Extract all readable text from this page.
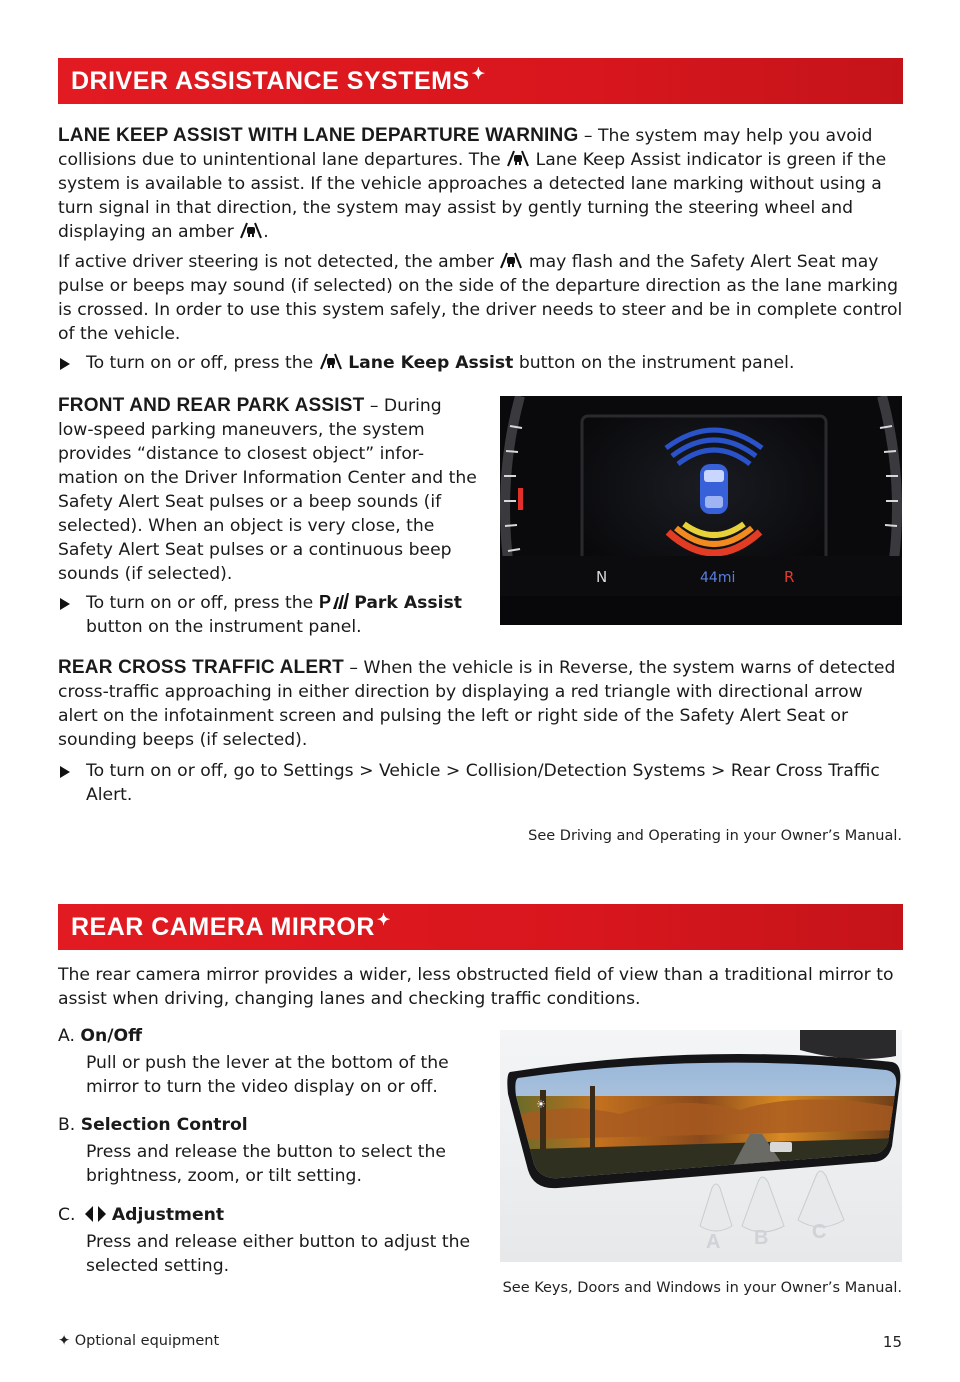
DRIVER ASSISTANCE SYSTEMS ✦
LANE KEEP ASSIST WITH LANE DEPARTURE WARNING – The system may help you avoid collisions due to unintentional lane departures. The  Lane Keep Assist indicator is green if the system is available to assist. If the vehicle approaches a detected lane marking without using a turn signal in that direction, the system may assist by gently turning the steering wheel and displaying an amber .
If active driver steering is not detected, the amber  may flash and the Safety Alert Seat may pulse or beeps may sound (if selected) on the side of the departure direction as the lane marking is crossed. In order to use this system safely, the driver needs to steer and be in complete control of the vehicle.
To turn on or off, press the  Lane Keep Assist button on the instrument panel.
FRONT AND REAR PARK ASSIST – During low-speed parking maneuvers, the system provides “distance to closest object” infor-mation on the Driver Information Center and the Safety Alert Seat pulses or a beep sounds (if selected). When an object is very close, the Safety Alert Seat pulses or a continuous beep sounds (if selected).
To turn on or off, press the P Park Assist button on the instrument panel.
N	44mi	R
REAR CROSS TRAFFIC ALERT – When the vehicle is in Reverse, the system warns of detected cross-traffic approaching in either direction by displaying a red triangle with directional arrow alert on the infotainment screen and pulsing the left or right side of the Safety Alert Seat or sounding beeps (if selected).
To turn on or off, go to Settings > Vehicle > Collision/Detection Systems > Rear Cross Traffic Alert.
See Driving and Operating in your Owner’s Manual.
REAR CAMERA MIRROR ✦
The rear camera mirror provides a wider, less obstructed field of view than a traditional mirror to assist when driving, changing lanes and checking traffic conditions.
A. On/Off
Pull or push the lever at the bottom of the mirror to turn the video display on or off.
B. Selection Control
Press and release the button to select the brightness, zoom, or tilt setting.
C. Adjustment
Press and release either button to adjust the selected setting.
☀
A B C
See Keys, Doors and Windows in your Owner’s Manual.
✦ Optional equipment	15
